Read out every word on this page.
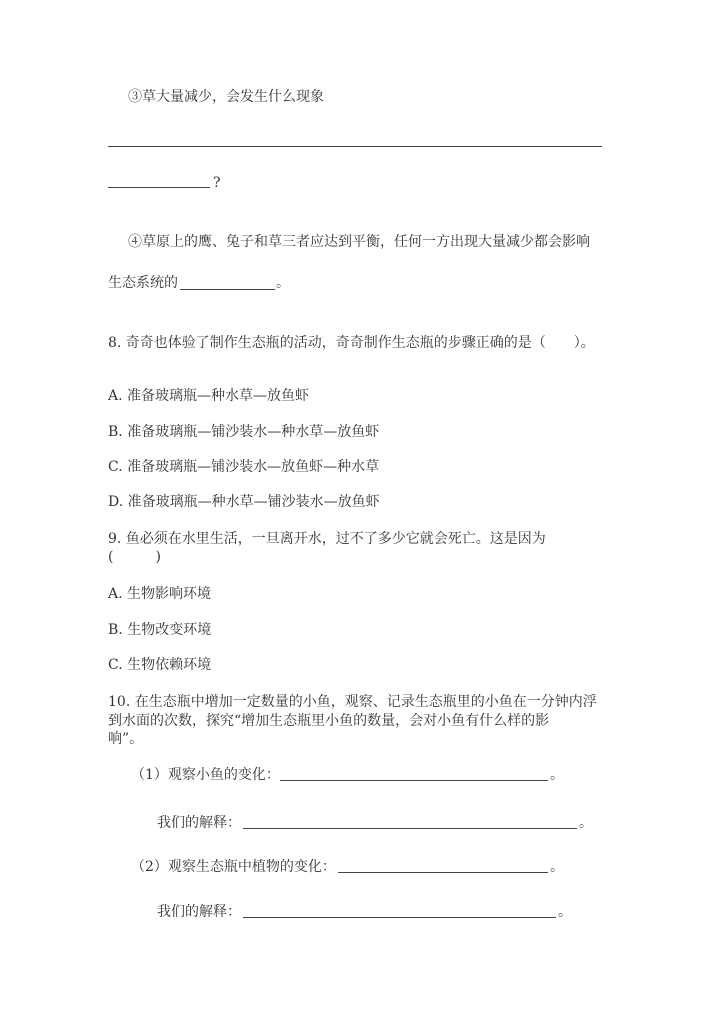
③草大量减少，会发生什么现象
?
④草原上的鹰、兔子和草三者应达到平衡，任何一方出现大量减少都会影响
生态系统的	。
8. 奇奇也体验了制作生态瓶的活动，奇奇制作生态瓶的步骤正确的是（　　）。
A. 准备玻璃瓶—种水草—放鱼虾
B. 准备玻璃瓶—铺沙装水—种水草—放鱼虾
C. 准备玻璃瓶—铺沙装水—放鱼虾—种水草
D. 准备玻璃瓶—种水草—铺沙装水—放鱼虾
9. 鱼必须在水里生活，一旦离开水，过不了多少它就会死亡。这是因为
(　　　)
A. 生物影响环境
B. 生物改变环境
C. 生物依赖环境
10. 在生态瓶中增加一定数量的小鱼，观察、记录生态瓶里的小鱼在一分钟内浮
到水面的次数，探究“增加生态瓶里小鱼的数量，会对小鱼有什么样的影
响”。
（1）观察小鱼的变化：	。
我们的解释：	。
（2）观察生态瓶中植物的变化：	。
我们的解释：	。
